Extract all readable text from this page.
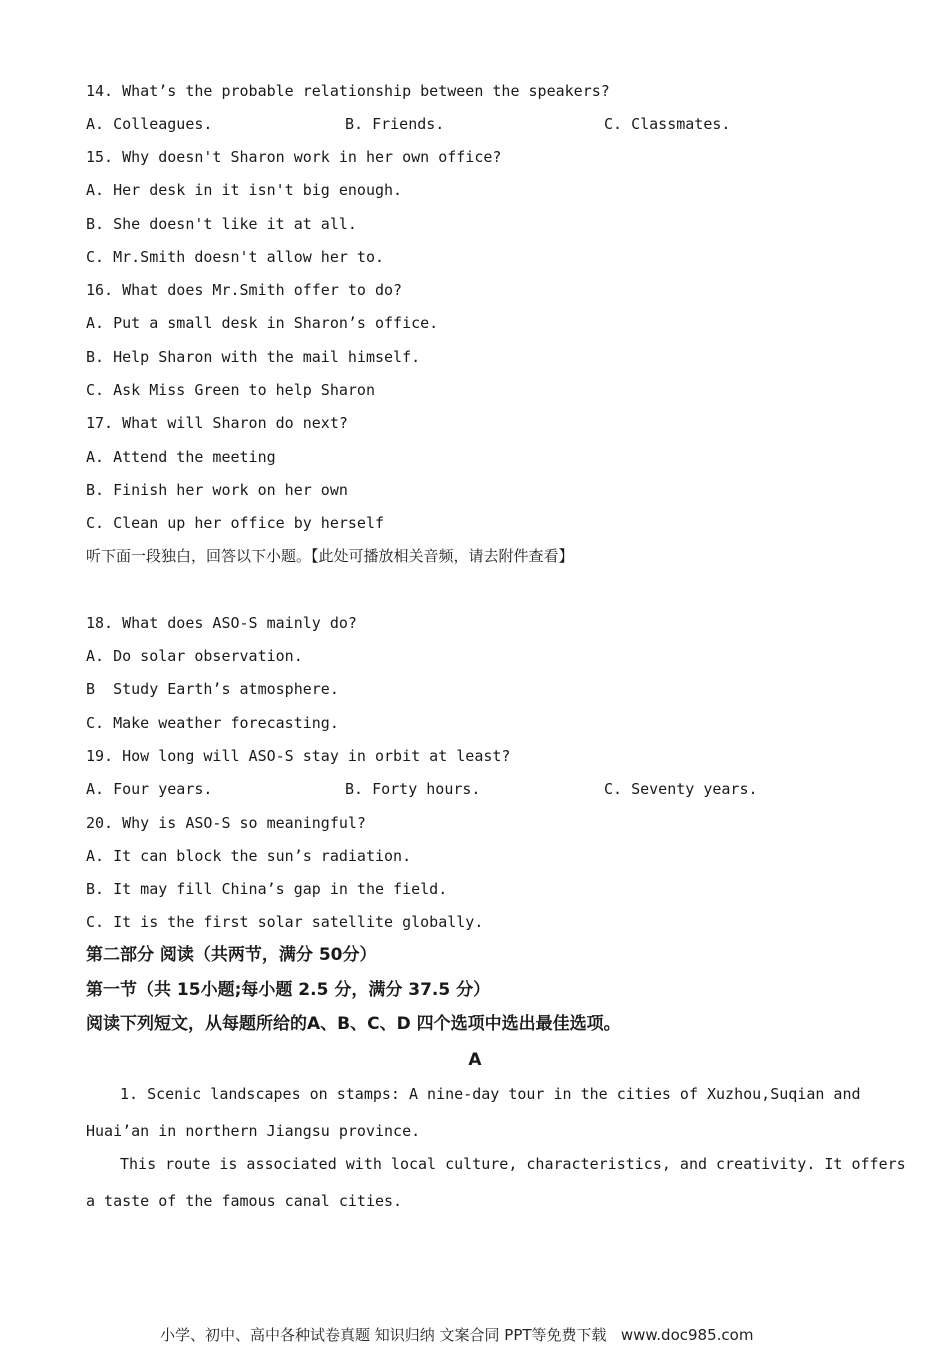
14. What’s the probable relationship between the speakers?
A. Colleagues.	B. Friends.	C. Classmates.
15. Why doesn't Sharon work in her own office?
A. Her desk in it isn't big enough.
B. She doesn't like it at all.
C. Mr.Smith doesn't allow her to.
16. What does Mr.Smith offer to do?
A. Put a small desk in Sharon’s office.
B. Help Sharon with the mail himself.
C. Ask Miss Green to help Sharon
17. What will Sharon do next?
A. Attend the meeting
B. Finish her work on her own
C. Clean up her office by herself
听下面一段独白，回答以下小题。【此处可播放相关音频，请去附件查看】
18. What does ASO-S mainly do?
A. Do solar observation.
B  Study Earth’s atmosphere.
C. Make weather forecasting.
19. How long will ASO-S stay in orbit at least?
A. Four years.	B. Forty hours.	C. Seventy years.
20. Why is ASO-S so meaningful?
A. It can block the sun’s radiation.
B. It may fill China’s gap in the field.
C. It is the first solar satellite globally.
第二部分 阅读（共两节，满分 50分）
第一节（共 15小题;每小题 2.5 分，满分 37.5 分）
阅读下列短文，从每题所给的A、B、C、D 四个选项中选出最佳选项。
A
1. Scenic landscapes on stamps: A nine-day tour in the cities of Xuzhou,Suqian and
Huai’an in northern Jiangsu province.
This route is associated with local culture, characteristics, and creativity. It offers
a taste of the famous canal cities.
小学、初中、高中各种试卷真题 知识归纳 文案合同 PPT等免费下载   www.doc985.com
